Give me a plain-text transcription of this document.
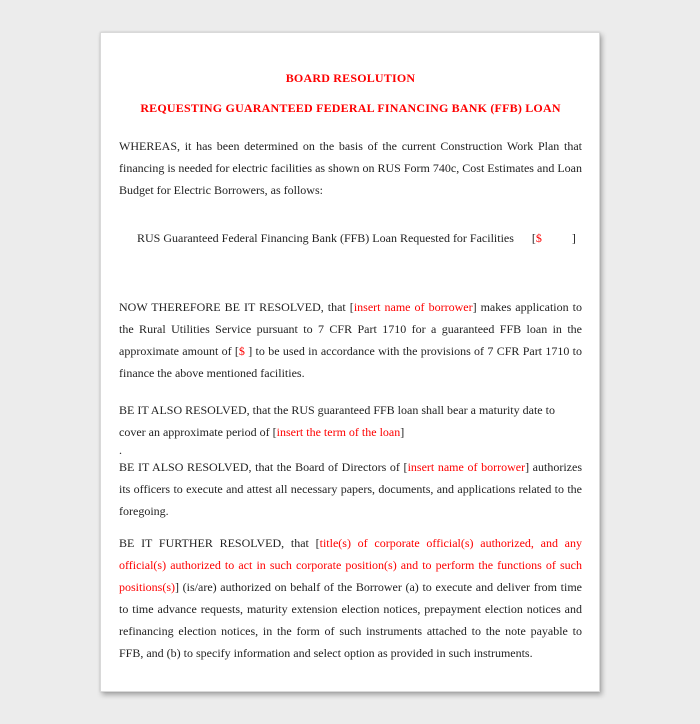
BOARD RESOLUTION
REQUESTING GUARANTEED FEDERAL FINANCING BANK (FFB) LOAN

WHEREAS, it has been determined on the basis of the current Construction Work Plan that financing is needed for electric facilities as shown on RUS Form 740c, Cost Estimates and Loan Budget for Electric Borrowers, as follows:

RUS Guaranteed Federal Financing Bank (FFB) Loan Requested for Facilities      [$          ]

NOW THEREFORE BE IT RESOLVED, that [insert name of borrower] makes application to the Rural Utilities Service pursuant to 7 CFR Part 1710 for a guaranteed FFB loan in the approximate amount of [$ ] to be used in accordance with the provisions of 7 CFR Part 1710 to finance the above mentioned facilities.

BE IT ALSO RESOLVED, that the RUS guaranteed FFB loan shall bear a maturity date to cover an approximate period of [insert the term of the loan]

.

BE IT ALSO RESOLVED, that the Board of Directors of [insert name of borrower] authorizes its officers to execute and attest all necessary papers, documents, and applications related to the foregoing.

BE IT FURTHER RESOLVED, that [title(s) of corporate official(s) authorized, and any official(s) authorized to act in such corporate position(s) and to perform the functions of such positions(s)] (is/are) authorized on behalf of the Borrower (a) to execute and deliver from time to time advance requests, maturity extension election notices, prepayment election notices and refinancing election notices, in the form of such instruments attached to the note payable to FFB, and (b) to specify information and select option as provided in such instruments.
